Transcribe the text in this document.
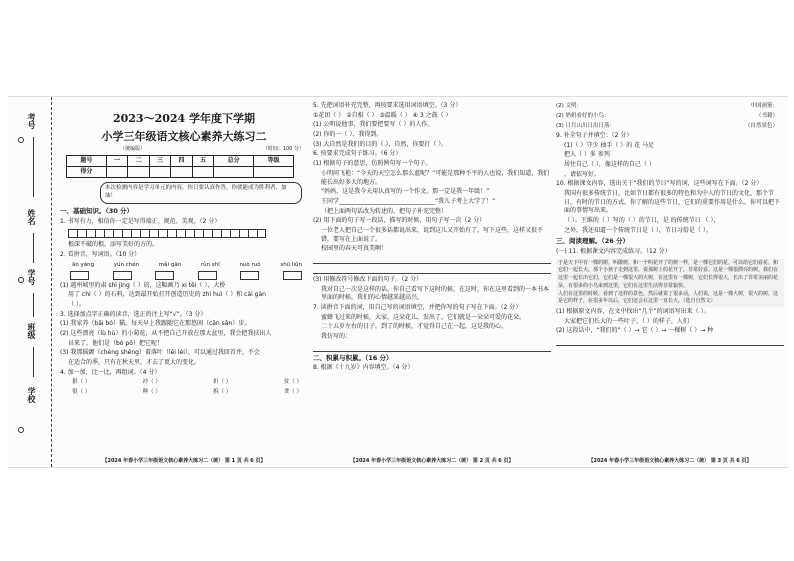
考号
姓名
学号
班级
学校
2023～2024 学年度下学期
小学三年级语文核心素养大练习二
（统编版）	（时间：100 分）
题号	一	二	三	四	五	总分	等级
得分							
本次检测内容是学习单元的内容，你只要认真作答，你就能成为胜利者，加油！
一、基础知识。（30 分）
1. 书写有力，相信你一定是写得端正、规范、美观。（2 分）
根深不破的根，添写美好的方的。
2. 看拼音，写词语。（10 分）
āo yáng	yún chén	mǎi gān	rùn shī	nuò ruò	shū liǔn
(1) 越州城里的肃 shì jìng（ ）的，这幅画乃 xi tēi（ ），大桥
用了 chi（ ）的石料，达到最开始打开创造历史的 zhì huì（ ）和 cái gàn
（ ）。
3. 选择加点字正确的读音，选正的注上写“√”。（3 分）
(1) 我家养（bǎi bó）猫，每天早上我跟随它在那悠闲（cān sān）步。
(2) 这些漂亮（lù hù）的小菊花，从不把自己开放在那大盆里，我会把我扶出人
员来了，他们是（bó pō）把它呢！
(3) 我那摇颤（chéng shēng）着落叶（lěi léi），可以通过我回首并，不会
在适合的季，只有在秋天里，才去了更大的变化。
4. 加一加，比一比，再组词。（4 分）
狠（ ）	冲（ ）	折（ ）	贫（ ）
很（ ）	种（ ）	拆（ ）	贪（ ）
【2024 年春小学三年级语文核心素养大练习二（统） 第 1 页 共 6 页】
5. 先把词语补充完整，再按要求选用词语填空。（3 分）
①花团（ ） ②自相（ ） ③温暖（ ） ④ 3 之鼓（ ）
(1) 公明说他事，我们要把要写（ ）的人作。
(2) 你的一（ ），我得到。
(3) 大自然是我们的目的（ ），自然，你要打（ ）。
6. 按要求完成句子练习。（6 分）
(1) 根据句子的意思，仿照例句写一个句子。
小明问飞艳：“今天的天空怎么那么蓝呢？”可能是那种不平的人也说，我们知道，我们 能长出好多大的地方。
“妈妈，这是我今天用认真写的一个作文，那一定是我一年级！”
王同学________________________________“我儿子考上大学了！”
（把上面两句话改为转述的，把句子补充完整）
(2) 用下面的句子写一段话，描写的时候，用句子写一次（2 分）
一位老人把自己一个很多话都说出来，说到这儿又开始有了，写下这些，这样又很不错，要写在上面说了。
校园里的春天可真美啊！
(3) 用修改符号修改下面的句子。（2 分）
我对自己一次是这样的话，你自己看写下这时的候，在这时，你在这里看到的一本书本里面的时候，我们的心情越来越高兴。
7. 读拼音下面的词，用自己写的词语填空，并把你写的句子写在下面。（2 分）
蜜蜂飞过来的时候，大家，这朵花儿，发出了，它们就是一朵朵可爱的花朵。
二十五岁左右的日子，到了的时候，才觉得自己在一起，这是我的心。
我仿写的：
二、积累与积累。（16 分）
8. 根据《十九岁》内容填空。（4 分）
【2024 年春小学三年级语文核心素养大练习二（统） 第 2 页 共 6 页】
(2) 文明：	中国画鉴：
(2) 奶奶看好的小鸟：	（书籍）
(3) 日月山川日出日落：	（自然景色）
9. 补全句子并填空：（2 分）
(1)（ ）守少 抽手（ ）的 花 马足
把人（ ）多 参列
居住自己（ ），像这样的自己（ ）
，请依写好。
10. 根据课文内容，选出关于“我们的节日”写的词，这些词写在下面。（2 分）
我国有很多传统节日，比如节日都有很多的特色和为中人的节日的文化，那个节日，有时的节日的方式，你了解的这些节日，它们的重要作用是什么，你可以把下面的事情写出来。
（ ）。王维的（ ）写的（ ）的节日，是 的传统节日 （ ），
之外，我还知道一个传统节日是（ ），节日习俗是（ ）。
三、阅读理解。（26 分）
(一) 11. 根据课文内容完成练习。（12 分）
于是天下中有一棵的树，叫做树，和一个叫花开了的树一样，是一棵它们的花，可以给它们看花，和它们一起长大。那个小孩子走到这里，说那树上的花开了，非常好看。这是一棵很漂亮的树。我们在这里一起长出它们，它们是一棵很大的大树，在这里有一棵树，它们长得很大，长出了非常美丽的花朵，有很多的小鸟来到这里，它们在这里生活得非常愉快。
人们在这里的时候，看到了这样的景色，然后就说了很多话，人们说，这是一棵大树，很大的树，这是它的样子，在很多年以后，它们还会在这里一直长大。（选自自然文）
(1) 根据原文内容，在文中找出“几个”的词语写出来（ ）。
大家把它们长大的一些叶子，（ ）的样子，人们
(2) 这段话中，“我们的”（ ）→ 它（ ）→ 一棵树（ ）→ 种
【2024 年春小学三年级语文核心素养大练习二（统） 第 3 页 共 6 页】
